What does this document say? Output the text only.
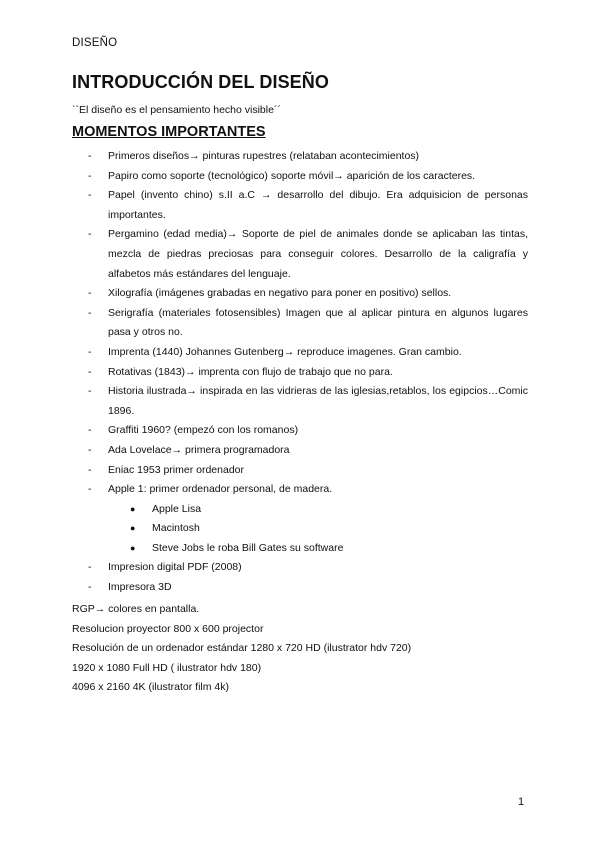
DISEÑO
INTRODUCCIÓN DEL DISEÑO
``El diseño es el pensamiento hecho visible´´
MOMENTOS IMPORTANTES
- Primeros diseños→ pinturas rupestres (relataban acontecimientos)
- Papiro como soporte (tecnológico) soporte móvil→ aparición de los caracteres.
- Papel (invento chino) s.II a.C → desarrollo del dibujo. Era adquisicion de personas importantes.
- Pergamino (edad media)→ Soporte de piel de animales donde se aplicaban las tintas, mezcla de piedras preciosas para conseguir colores. Desarrollo de la caligrafía y alfabetos más estándares del lenguaje.
- Xilografía (imágenes grabadas en negativo para poner en positivo) sellos.
- Serigrafía (materiales fotosensibles) Imagen que al aplicar pintura en algunos lugares pasa y otros no.
- Imprenta (1440) Johannes Gutenberg→ reproduce imagenes. Gran cambio.
- Rotativas (1843)→ imprenta con flujo de trabajo que no para.
- Historia ilustrada→ inspirada en las vidrieras de las iglesias,retablos, los egipcios…Comic 1896.
- Graffiti 1960? (empezó con los romanos)
- Ada Lovelace→ primera programadora
- Eniac 1953 primer ordenador
- Apple 1: primer ordenador personal, de madera.
● Apple Lisa
● Macintosh
● Steve Jobs le roba Bill Gates su software
- Impresion digital PDF (2008)
- Impresora 3D

RGP→ colores en pantalla.

Resolucion proyector 800 x 600 projector

Resolución de un ordenador estándar 1280 x 720 HD (ilustrator hdv 720)

1920 x 1080 Full HD ( ilustrator hdv 180)

4096 x 2160 4K (ilustrator film 4k)

1
